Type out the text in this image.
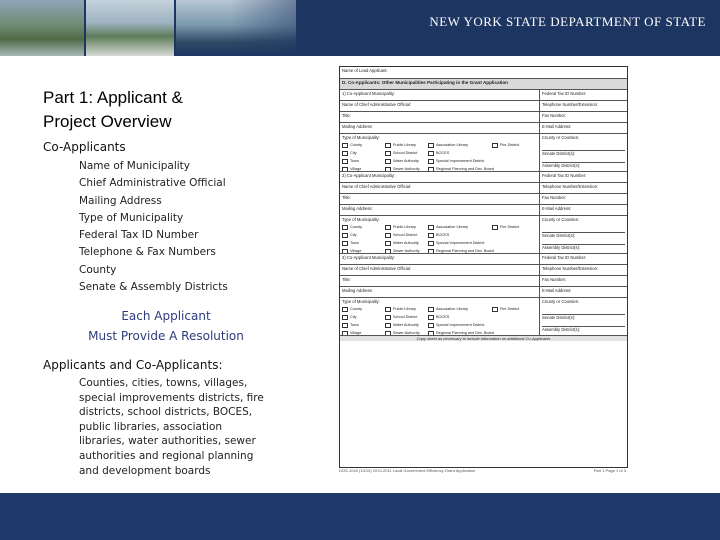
NEW YORK STATE DEPARTMENT OF STATE
Part 1: Applicant &
Project Overview
Co-Applicants
Name of Municipality
Chief Administrative Official
Mailing Address
Type of Municipality
Federal Tax ID Number
Telephone & Fax Numbers
County
Senate & Assembly Districts
Each Applicant
Must Provide A Resolution
Applicants and Co-Applicants:
Counties, cities, towns, villages, special improvements districts, fire districts, school districts, BOCES, public libraries, association libraries, water authorities, sewer authorities and regional planning and development boards
Name of Lead Applicant:
D. Co-Applicants: Other Municipalities Participating in the Grant Application
1) Co-Applicant Municipality:	Federal Tax ID Number:
Name of Chief Administrative Official:	Telephone Number/Extension:
Title:	Fax Number:
Mailing Address:	E-Mail Address:
Type of Municipality:
County	Public Library	Association Library	Fire District
City	School District	BOCES
Town	Water Authority	Special Improvement District
Village	Sewer Authority	Regional Planning and Dev. Board
County or Counties:
Senate District(s):
Assembly District(s):
2) Co-Applicant Municipality:	Federal Tax ID Number:
Name of Chief Administrative Official:	Telephone Number/Extension:
Title:	Fax Number:
Mailing Address:	E-Mail Address:
Type of Municipality:
County	Public Library	Association Library	Fire District
City	School District	BOCES
Town	Water Authority	Special Improvement District
Village	Sewer Authority	Regional Planning and Dev. Board
County or Counties:
Senate District(s):
Assembly District(s):
3) Co-Applicant Municipality:	Federal Tax ID Number:
Name of Chief Administrative Official:	Telephone Number/Extension:
Title:	Fax Number:
Mailing Address:	E-Mail Address:
Type of Municipality:
County	Public Library	Association Library	Fire District
City	School District	BOCES
Town	Water Authority	Special Improvement District
Village	Sewer Authority	Regional Planning and Dev. Board
County or Counties:
Senate District(s):
Assembly District(s):
Copy sheet as necessary to include information on additional Co-Applicants
DOS-1043 (10/10) 2010-2011 Local Government Efficiency Grant Application	Part 1 Page 1 of 3
